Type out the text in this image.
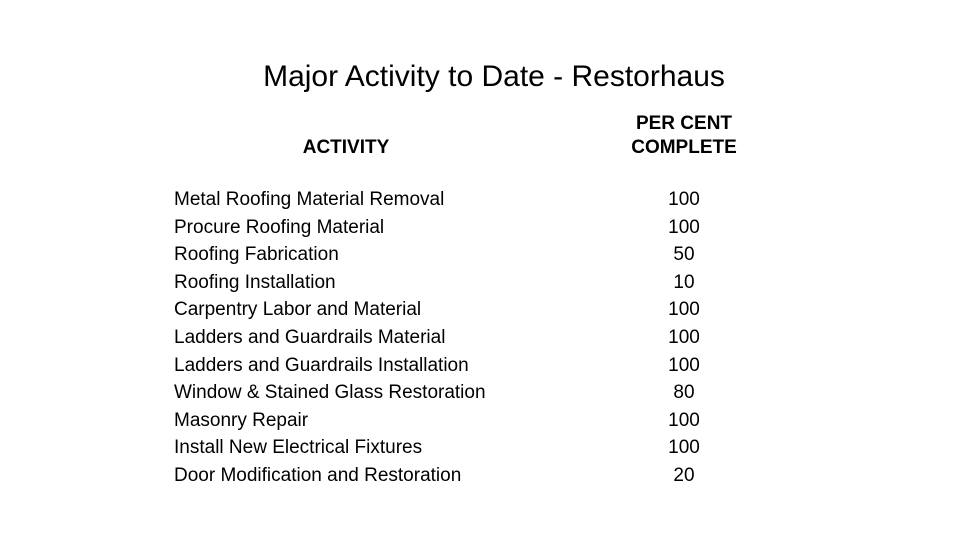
Major Activity to Date - Restorhaus
ACTIVITY
PER CENT
COMPLETE
Metal Roofing Material Removal	100
Procure Roofing Material	100
Roofing Fabrication	50
Roofing Installation	10
Carpentry Labor and Material	100
Ladders and Guardrails Material	100
Ladders and Guardrails Installation	100
Window & Stained Glass Restoration	80
Masonry Repair	100
Install New Electrical Fixtures	100
Door Modification and Restoration	20
